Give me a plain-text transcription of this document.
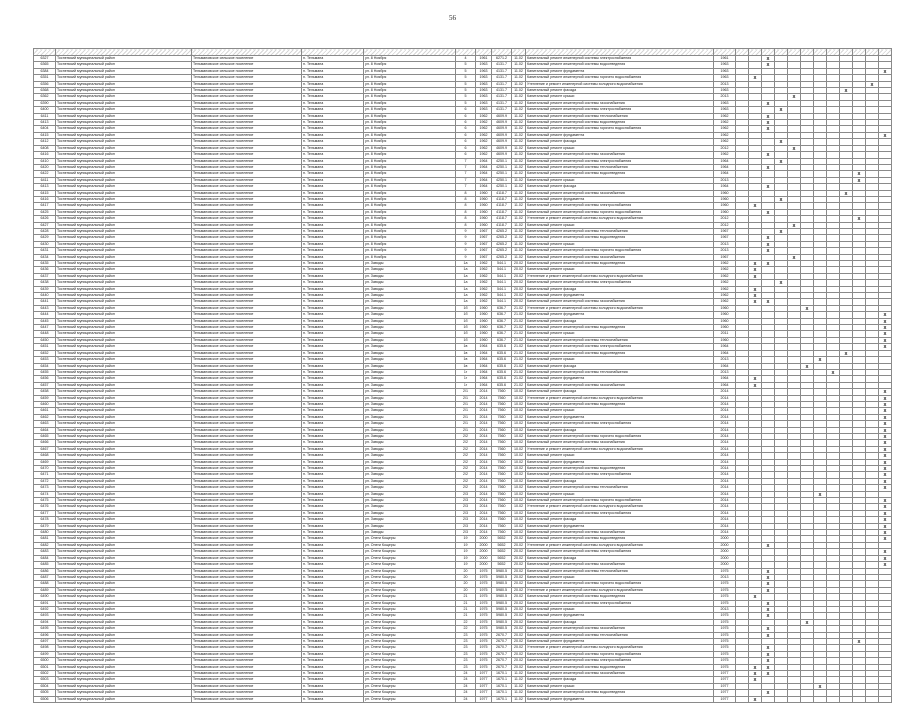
56

6327	Тосненский муниципальный район	Тельмановское сельское поселение	п. Тельмана	ул. 8 Ноября	4	1961	6271.2	11.02	Капитальный ремонт инженерной системы электроснабжения	1961			X									
6365	Тосненский муниципальный район	Тельмановское сельское поселение	п. Тельмана	ул. 8 Ноября	5	1963	4131.7	11.02	Капитальный ремонт инженерной системы водоотведения	1963			X									
6384	Тосненский муниципальный район	Тельмановское сельское поселение	п. Тельмана	ул. 8 Ноября	5	1963	4131.7	11.02	Капитальный ремонт фундамента	1963												X
6351	Тосненский муниципальный район	Тельмановское сельское поселение	п. Тельмана	ул. 8 Ноября	5	1963	4131.7	11.02	Капитальный ремонт инженерной системы горячего водоснабжения	1963		X										
6356	Тосненский муниципальный район	Тельмановское сельское поселение	п. Тельмана	ул. 8 Ноября	5	1963	4131.7	11.02	Утепление и ремонт инженерной системы холодного водоснабжения	2013											X	
6368	Тосненский муниципальный район	Тельмановское сельское поселение	п. Тельмана	ул. 8 Ноября	5	1963	4131.7	11.02	Капитальный ремонт фасада	1963									X			
6362	Тосненский муниципальный район	Тельмановское сельское поселение	п. Тельмана	ул. 8 Ноября	5	1963	4131.7	11.02	Капитальный ремонт крыши	2013					X							
6390	Тосненский муниципальный район	Тельмановское сельское поселение	п. Тельмана	ул. 8 Ноября	5	1963	4131.7	11.02	Капитальный ремонт инженерной системы газоснабжения	1963			X									
6400	Тосненский муниципальный район	Тельмановское сельское поселение	п. Тельмана	ул. 8 Ноября	6	1963	4131.7	11.02	Капитальный ремонт инженерной системы электроснабжения	1963				X								
6411	Тосненский муниципальный район	Тельмановское сельское поселение	п. Тельмана	ул. 8 Ноября	6	1962	4609.9	11.02	Капитальный ремонт инженерной системы теплоснабжения	1962			X									
6413	Тосненский муниципальный район	Тельмановское сельское поселение	п. Тельмана	ул. 8 Ноября	6	1962	4609.9	11.02	Капитальный ремонт инженерной системы водоотведения	1962			X									
6404	Тосненский муниципальный район	Тельмановское сельское поселение	п. Тельмана	ул. 8 Ноября	6	1962	4609.9	11.02	Капитальный ремонт инженерной системы горячего водоснабжения	1962			X									
6415	Тосненский муниципальный район	Тельмановское сельское поселение	п. Тельмана	ул. 8 Ноября	6	1962	4609.9	11.02	Капитальный ремонт фундамента	1962												X
6412	Тосненский муниципальный район	Тельмановское сельское поселение	п. Тельмана	ул. 8 Ноября	6	1962	4609.9	11.02	Капитальный ремонт фасада	1962				X								
6408	Тосненский муниципальный район	Тельмановское сельское поселение	п. Тельмана	ул. 8 Ноября	6	1962	4609.9	11.02	Капитальный ремонт крыши	2012					X							
6416	Тосненский муниципальный район	Тельмановское сельское поселение	п. Тельмана	ул. 8 Ноября	6	1962	4609.9	11.02	Капитальный ремонт инженерной системы газоснабжения	1962			X									
6410	Тосненский муниципальный район	Тельмановское сельское поселение	п. Тельмана	ул. 8 Ноября	7	1964	4250.1	11.02	Капитальный ремонт инженерной системы электроснабжения	1964				X								
6420	Тосненский муниципальный район	Тельмановское сельское поселение	п. Тельмана	ул. 8 Ноября	7	1964	4250.1	11.02	Капитальный ремонт инженерной системы теплоснабжения	1964			X									
6422	Тосненский муниципальный район	Тельмановское сельское поселение	п. Тельмана	ул. 8 Ноября	7	1964	4250.1	11.02	Капитальный ремонт инженерной системы водоотведения	1964										X		
6411	Тосненский муниципальный район	Тельмановское сельское поселение	п. Тельмана	ул. 8 Ноября	7	1964	4250.1	11.02	Капитальный ремонт крыши	2013										X		
6413	Тосненский муниципальный район	Тельмановское сельское поселение	п. Тельмана	ул. 8 Ноября	7	1964	4250.1	11.02	Капитальный ремонт фасада	1964			X									
6415	Тосненский муниципальный район	Тельмановское сельское поселение	п. Тельмана	ул. 8 Ноября	8	1960	4118.7	11.02	Капитальный ремонт инженерной системы газоснабжения	1960									X			
6416	Тосненский муниципальный район	Тельмановское сельское поселение	п. Тельмана	ул. 8 Ноября	8	1960	4118.7	11.02	Капитальный ремонт фундамента	1960				X								
6417	Тосненский муниципальный район	Тельмановское сельское поселение	п. Тельмана	ул. 8 Ноября	8	1960	4118.7	11.02	Капитальный ремонт инженерной системы электроснабжения	1960		X										
6425	Тосненский муниципальный район	Тельмановское сельское поселение	п. Тельмана	ул. 8 Ноября	8	1960	4118.7	11.02	Капитальный ремонт инженерной системы горячего водоснабжения	1960			X									
6426	Тосненский муниципальный район	Тельмановское сельское поселение	п. Тельмана	ул. 8 Ноября	8	1960	4118.7	11.02	Утепление и ремонт инженерной системы холодного водоснабжения	2012										X		
6427	Тосненский муниципальный район	Тельмановское сельское поселение	п. Тельмана	ул. 8 Ноября	8	1960	4118.7	11.02	Капитальный ремонт крыши	2012					X							
6428	Тосненский муниципальный район	Тельмановское сельское поселение	п. Тельмана	ул. 8 Ноября	9	1967	4265.2	11.02	Капитальный ремонт инженерной системы теплоснабжения	1967				X								
6429	Тосненский муниципальный район	Тельмановское сельское поселение	п. Тельмана	ул. 8 Ноября	9	1967	4265.2	11.02	Капитальный ремонт инженерной системы водоотведения	1967			X									
6430	Тосненский муниципальный район	Тельмановское сельское поселение	п. Тельмана	ул. 8 Ноября	9	1967	4265.2	11.02	Капитальный ремонт крыши	2013			X									
6431	Тосненский муниципальный район	Тельмановское сельское поселение	п. Тельмана	ул. 8 Ноября	9	1967	4265.2	11.02	Капитальный ремонт инженерной системы горячего водоснабжения	2013			X									
6434	Тосненский муниципальный район	Тельмановское сельское поселение	п. Тельмана	ул. 8 Ноября	9	1967	4265.2	11.02	Капитальный ремонт инженерной системы газоснабжения	1967					X							
6435	Тосненский муниципальный район	Тельмановское сельское поселение	п. Тельмана	ул. Заводы	1а	1962	544.1	20.02	Капитальный ремонт инженерной системы водоотведения	1962		X	X									
6436	Тосненский муниципальный район	Тельмановское сельское поселение	п. Тельмана	ул. Заводы	1а	1962	544.1	20.02	Капитальный ремонт крыши	1962		X										
6437	Тосненский муниципальный район	Тельмановское сельское поселение	п. Тельмана	ул. Заводы	1а	1962	544.1	20.02	Утепление и ремонт инженерной системы холодного водоснабжения	1962		X										
6438	Тосненский муниципальный район	Тельмановское сельское поселение	п. Тельмана	ул. Заводы	1а	1962	544.1	20.02	Капитальный ремонт инженерной системы электроснабжения	1962				X								
6439	Тосненский муниципальный район	Тельмановское сельское поселение	п. Тельмана	ул. Заводы	1а	1962	544.1	20.02	Капитальный ремонт фасада	1962		X										
6440	Тосненский муниципальный район	Тельмановское сельское поселение	п. Тельмана	ул. Заводы	1а	1962	544.1	20.02	Капитальный ремонт фундамента	1962		X										
6441	Тосненский муниципальный район	Тельмановское сельское поселение	п. Тельмана	ул. Заводы	1а	1962	544.1	20.02	Капитальный ремонт инженерной системы газоснабжения	1962		X	X									
6443	Тосненский муниципальный район	Тельмановское сельское поселение	п. Тельмана	ул. Заводы	1б	1960	636.7	21.02	Утепление и ремонт инженерной системы холодного водоснабжения	1960						X						
6444	Тосненский муниципальный район	Тельмановское сельское поселение	п. Тельмана	ул. Заводы	1б	1960	636.7	21.02	Капитальный ремонт фундамента	1960												X
6445	Тосненский муниципальный район	Тельмановское сельское поселение	п. Тельмана	ул. Заводы	1б	1960	636.7	21.02	Капитальный ремонт фасада	1960												X
6447	Тосненский муниципальный район	Тельмановское сельское поселение	п. Тельмана	ул. Заводы	1б	1960	636.7	21.02	Капитальный ремонт инженерной системы водоотведения	1960												X
6448	Тосненский муниципальный район	Тельмановское сельское поселение	п. Тельмана	ул. Заводы	1б	1960	636.7	21.02	Капитальный ремонт крыши	2011												X
6450	Тосненский муниципальный район	Тельмановское сельское поселение	п. Тельмана	ул. Заводы	1б	1960	636.7	21.02	Капитальный ремонт инженерной системы теплоснабжения	1960												X
6451	Тосненский муниципальный район	Тельмановское сельское поселение	п. Тельмана	ул. Заводы	1в	1964	635.6	21.02	Капитальный ремонт инженерной системы электроснабжения	1964												X
6452	Тосненский муниципальный район	Тельмановское сельское поселение	п. Тельмана	ул. Заводы	1в	1964	635.6	21.02	Капитальный ремонт инженерной системы водоотведения	1964									X			
6453	Тосненский муниципальный район	Тельмановское сельское поселение	п. Тельмана	ул. Заводы	1в	1964	635.6	21.02	Капитальный ремонт крыши	2013							X					
6454	Тосненский муниципальный район	Тельмановское сельское поселение	п. Тельмана	ул. Заводы	1в	1964	635.6	21.02	Капитальный ремонт фасада	1964						X						
6455	Тосненский муниципальный район	Тельмановское сельское поселение	п. Тельмана	ул. Заводы	1г	1964	635.6	21.02	Капитальный ремонт инженерной системы теплоснабжения	2013								X				
6456	Тосненский муниципальный район	Тельмановское сельское поселение	п. Тельмана	ул. Заводы	1г	1964	635.6	21.02	Капитальный ремонт фундамента	1964		X										
6457	Тосненский муниципальный район	Тельмановское сельское поселение	п. Тельмана	ул. Заводы	1г	1964	635.6	21.02	Капитальный ремонт инженерной системы газоснабжения	1964		X										
6458	Тосненский муниципальный район	Тельмановское сельское поселение	п. Тельмана	ул. Заводы	2/1	2014	7560	10.02	Капитальный ремонт фасада	2014												X
6459	Тосненский муниципальный район	Тельмановское сельское поселение	п. Тельмана	ул. Заводы	2/1	2014	7560	10.02	Утепление и ремонт инженерной системы холодного водоснабжения	2014												X
6460	Тосненский муниципальный район	Тельмановское сельское поселение	п. Тельмана	ул. Заводы	2/1	2014	7560	10.02	Капитальный ремонт инженерной системы водоотведения	2014												X
6461	Тосненский муниципальный район	Тельмановское сельское поселение	п. Тельмана	ул. Заводы	2/1	2014	7560	10.02	Капитальный ремонт крыши	2014												X
6462	Тосненский муниципальный район	Тельмановское сельское поселение	п. Тельмана	ул. Заводы	2/1	2014	7560	10.02	Капитальный ремонт фундамента	2014												X
6463	Тосненский муниципальный район	Тельмановское сельское поселение	п. Тельмана	ул. Заводы	2/1	2014	7560	10.02	Капитальный ремонт инженерной системы электроснабжения	2014												X
6464	Тосненский муниципальный район	Тельмановское сельское поселение	п. Тельмана	ул. Заводы	2/1	2014	7560	10.02	Капитальный ремонт фасада	2014												X
6465	Тосненский муниципальный район	Тельмановское сельское поселение	п. Тельмана	ул. Заводы	2/2	2014	7560	10.02	Капитальный ремонт инженерной системы горячего водоснабжения	2014												X
6466	Тосненский муниципальный район	Тельмановское сельское поселение	п. Тельмана	ул. Заводы	2/2	2014	7560	10.02	Капитальный ремонт инженерной системы газоснабжения	2014												X
6467	Тосненский муниципальный район	Тельмановское сельское поселение	п. Тельмана	ул. Заводы	2/2	2014	7560	10.02	Утепление и ремонт инженерной системы холодного водоснабжения	2014												X
6468	Тосненский муниципальный район	Тельмановское сельское поселение	п. Тельмана	ул. Заводы	2/2	2014	7560	10.02	Капитальный ремонт крыши	2014												X
6469	Тосненский муниципальный район	Тельмановское сельское поселение	п. Тельмана	ул. Заводы	2/2	2014	7560	10.02	Капитальный ремонт фундамента	2014												X
6470	Тосненский муниципальный район	Тельмановское сельское поселение	п. Тельмана	ул. Заводы	2/2	2014	7560	10.02	Капитальный ремонт инженерной системы водоотведения	2014												X
6471	Тосненский муниципальный район	Тельмановское сельское поселение	п. Тельмана	ул. Заводы	2/2	2014	7560	10.02	Капитальный ремонт инженерной системы электроснабжения	2014												X
6472	Тосненский муниципальный район	Тельмановское сельское поселение	п. Тельмана	ул. Заводы	2/2	2014	7560	10.02	Капитальный ремонт фасада	2014												X
6473	Тосненский муниципальный район	Тельмановское сельское поселение	п. Тельмана	ул. Заводы	2/2	2014	7560	10.02	Капитальный ремонт инженерной системы теплоснабжения	2014												X
6474	Тосненский муниципальный район	Тельмановское сельское поселение	п. Тельмана	ул. Заводы	2/3	2014	7560	10.02	Капитальный ремонт крыши	2014							X					
6475	Тосненский муниципальный район	Тельмановское сельское поселение	п. Тельмана	ул. Заводы	2/3	2014	7560	10.02	Капитальный ремонт инженерной системы горячего водоснабжения	2014												X
6476	Тосненский муниципальный район	Тельмановское сельское поселение	п. Тельмана	ул. Заводы	2/3	2014	7560	10.02	Утепление и ремонт инженерной системы холодного водоснабжения	2014												X
6477	Тосненский муниципальный район	Тельмановское сельское поселение	п. Тельмана	ул. Заводы	2/3	2014	7560	10.02	Капитальный ремонт инженерной системы электроснабжения	2014												X
6478	Тосненский муниципальный район	Тельмановское сельское поселение	п. Тельмана	ул. Заводы	2/3	2014	7560	10.02	Капитальный ремонт фасада	2014												X
6479	Тосненский муниципальный район	Тельмановское сельское поселение	п. Тельмана	ул. Заводы	2/3	2014	7560	10.02	Капитальный ремонт фундамента	2014												X
6480	Тосненский муниципальный район	Тельмановское сельское поселение	п. Тельмана	ул. Заводы	2/3	2014	7560	10.02	Капитальный ремонт инженерной системы газоснабжения	2014												X
6481	Тосненский муниципальный район	Тельмановское сельское поселение	п. Тельмана	ул. Онеги Кощеры	19	2000	5652	20.02	Капитальный ремонт инженерной системы водоотведения	2000												X
6482	Тосненский муниципальный район	Тельмановское сельское поселение	п. Тельмана	ул. Онеги Кощеры	19	2000	5652	20.02	Утепление и ремонт инженерной системы холодного водоснабжения	2000			X									
6483	Тосненский муниципальный район	Тельмановское сельское поселение	п. Тельмана	ул. Онеги Кощеры	19	2000	5652	20.02	Капитальный ремонт инженерной системы электроснабжения	2000												X
6484	Тосненский муниципальный район	Тельмановское сельское поселение	п. Тельмана	ул. Онеги Кощеры	19	2000	5652	20.02	Капитальный ремонт фасада	2000												X
6485	Тосненский муниципальный район	Тельмановское сельское поселение	п. Тельмана	ул. Онеги Кощеры	19	2000	5652	20.02	Капитальный ремонт инженерной системы газоснабжения	2000												X
6486	Тосненский муниципальный район	Тельмановское сельское поселение	п. Тельмана	ул. Онеги Кощеры	20	1975	5980.5	20.02	Капитальный ремонт инженерной системы теплоснабжения	1975			X									
6487	Тосненский муниципальный район	Тельмановское сельское поселение	п. Тельмана	ул. Онеги Кощеры	20	1975	5980.5	20.02	Капитальный ремонт крыши	2013			X									
6488	Тосненский муниципальный район	Тельмановское сельское поселение	п. Тельмана	ул. Онеги Кощеры	20	1975	5980.5	20.02	Капитальный ремонт инженерной системы горячего водоснабжения	1975			X									
6489	Тосненский муниципальный район	Тельмановское сельское поселение	п. Тельмана	ул. Онеги Кощеры	20	1975	5980.5	20.02	Утепление и ремонт инженерной системы холодного водоснабжения	1975			X									
6490	Тосненский муниципальный район	Тельмановское сельское поселение	п. Тельмана	ул. Онеги Кощеры	21	1975	5980.5	20.02	Капитальный ремонт инженерной системы водоотведения	1975		X										
6491	Тосненский муниципальный район	Тельмановское сельское поселение	п. Тельмана	ул. Онеги Кощеры	21	1975	5980.5	20.02	Капитальный ремонт инженерной системы электроснабжения	1975			X									
6492	Тосненский муниципальный район	Тельмановское сельское поселение	п. Тельмана	ул. Онеги Кощеры	21	1975	5980.5	20.02	Капитальный ремонт крыши	2013			X									
6493	Тосненский муниципальный район	Тельмановское сельское поселение	п. Тельмана	ул. Онеги Кощеры	21	1975	5980.5	20.02	Капитальный ремонт фундамента	1975			X									
6494	Тосненский муниципальный район	Тельмановское сельское поселение	п. Тельмана	ул. Онеги Кощеры	22	1975	5980.5	20.02	Капитальный ремонт фасада	1975						X						
6495	Тосненский муниципальный район	Тельмановское сельское поселение	п. Тельмана	ул. Онеги Кощеры	22	1975	5980.5	20.02	Капитальный ремонт инженерной системы газоснабжения	1975			X									
6496	Тосненский муниципальный район	Тельмановское сельское поселение	п. Тельмана	ул. Онеги Кощеры	23	1975	2670.7	20.02	Капитальный ремонт инженерной системы теплоснабжения	1975			X									
6497	Тосненский муниципальный район	Тельмановское сельское поселение	п. Тельмана	ул. Онеги Кощеры	23	1975	2670.7	20.02	Капитальный ремонт фундамента	1975										X		
6498	Тосненский муниципальный район	Тельмановское сельское поселение	п. Тельмана	ул. Онеги Кощеры	23	1975	2670.7	20.02	Утепление и ремонт инженерной системы холодного водоснабжения	1975			X									
6499	Тосненский муниципальный район	Тельмановское сельское поселение	п. Тельмана	ул. Онеги Кощеры	23	1975	2670.7	20.02	Капитальный ремонт инженерной системы горячего водоснабжения	1975			X									
6500	Тосненский муниципальный район	Тельмановское сельское поселение	п. Тельмана	ул. Онеги Кощеры	23	1975	2670.7	20.02	Капитальный ремонт инженерной системы электроснабжения	1975			X									
6501	Тосненский муниципальный район	Тельмановское сельское поселение	п. Тельмана	ул. Онеги Кощеры	23	1975	2670.7	20.02	Капитальный ремонт инженерной системы водоотведения	1975		X	X									
6502	Тосненский муниципальный район	Тельмановское сельское поселение	п. Тельмана	ул. Онеги Кощеры	24	1977	1670.1	11.02	Капитальный ремонт инженерной системы газоснабжения	1977		X	X									
6503	Тосненский муниципальный район	Тельмановское сельское поселение	п. Тельмана	ул. Онеги Кощеры	24	1977	1670.1	11.02	Капитальный ремонт фасада	1977		X										
6504	Тосненский муниципальный район	Тельмановское сельское поселение	п. Тельмана	ул. Онеги Кощеры	24	1977	1670.1	11.02	Капитальный ремонт крыши	1977							X					
6505	Тосненский муниципальный район	Тельмановское сельское поселение	п. Тельмана	ул. Онеги Кощеры	24	1977	1670.1	11.02	Капитальный ремонт инженерной системы водоотведения	1977			X									
6506	Тосненский муниципальный район	Тельмановское сельское поселение	п. Тельмана	ул. Онеги Кощеры	24	1977	1670.1	11.02	Капитальный ремонт фундамента	1977		X										
